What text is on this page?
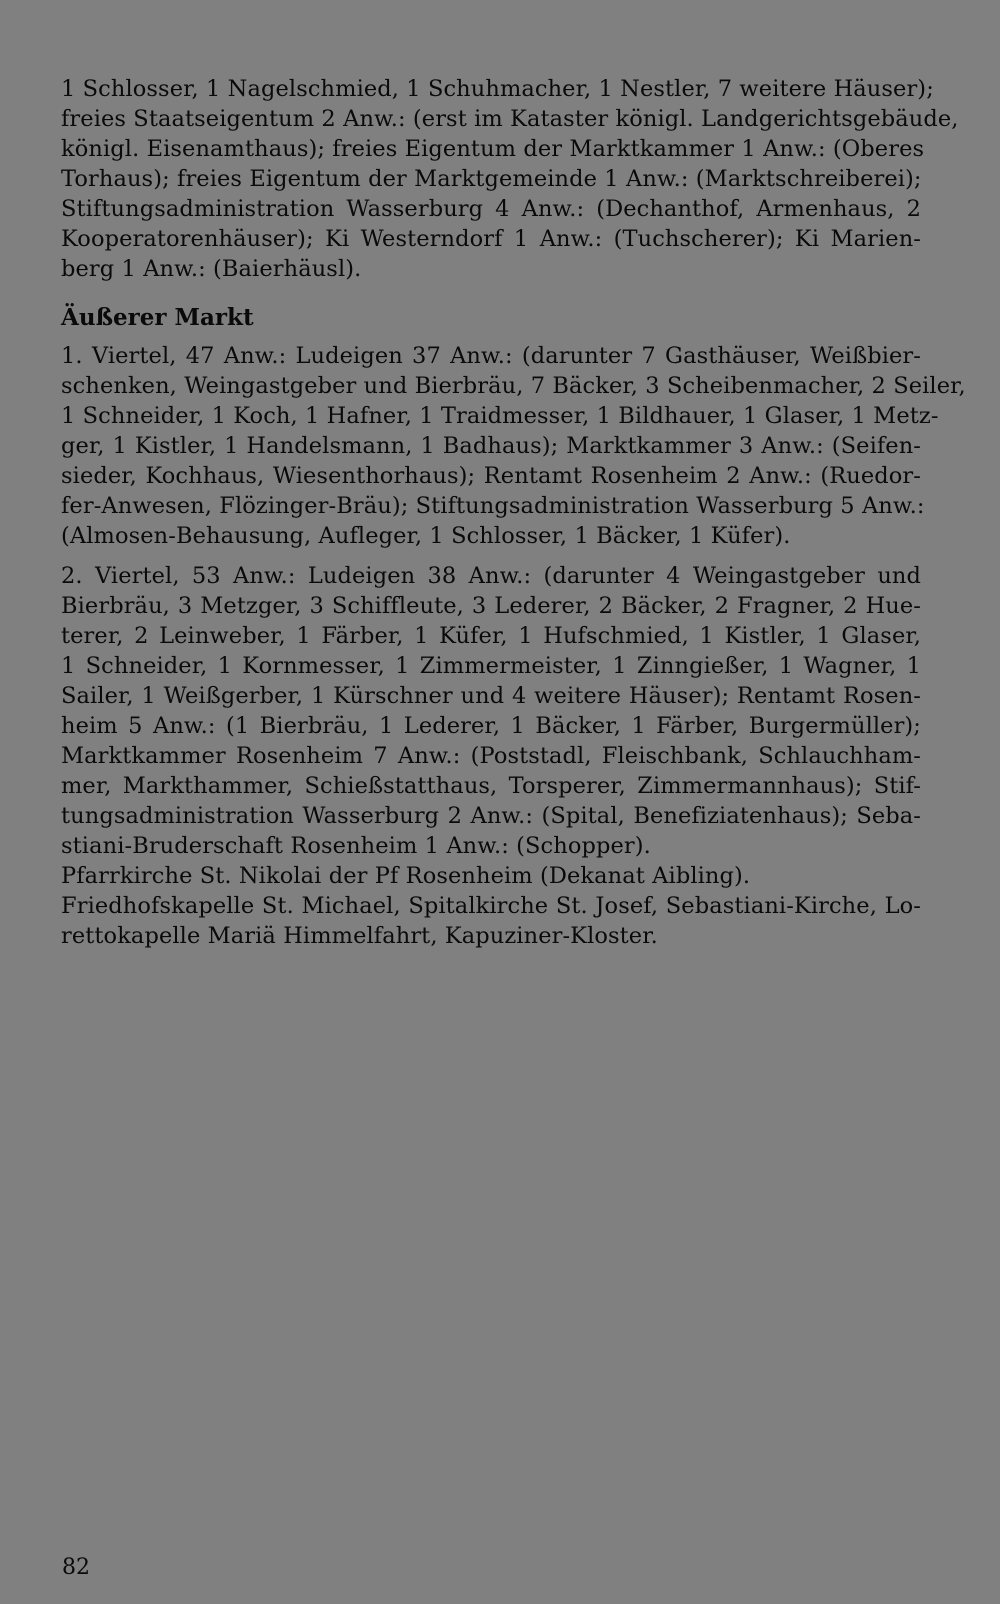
1 Schlosser, 1 Nagelschmied, 1 Schuhmacher, 1 Nestler, 7 weitere Häuser);
freies Staatseigentum 2 Anw.: (erst im Kataster königl. Landgerichtsgebäude,
königl. Eisenamthaus); freies Eigentum der Marktkammer 1 Anw.: (Oberes
Torhaus); freies Eigentum der Marktgemeinde 1 Anw.: (Marktschreiberei);
Stiftungsadministration Wasserburg 4 Anw.: (Dechanthof, Armenhaus, 2
Kooperatorenhäuser); Ki Westerndorf 1 Anw.: (Tuchscherer); Ki Marien-
berg 1 Anw.: (Baierhäusl).
Äußerer Markt
1. Viertel, 47 Anw.: Ludeigen 37 Anw.: (darunter 7 Gasthäuser, Weißbier-
schenken, Weingastgeber und Bierbräu, 7 Bäcker, 3 Scheibenmacher, 2 Seiler,
1 Schneider, 1 Koch, 1 Hafner, 1 Traidmesser, 1 Bildhauer, 1 Glaser, 1 Metz-
ger, 1 Kistler, 1 Handelsmann, 1 Badhaus); Marktkammer 3 Anw.: (Seifen-
sieder, Kochhaus, Wiesenthorhaus); Rentamt Rosenheim 2 Anw.: (Ruedor-
fer-Anwesen, Flözinger-Bräu); Stiftungsadministration Wasserburg 5 Anw.:
(Almosen-Behausung, Aufleger, 1 Schlosser, 1 Bäcker, 1 Küfer).
2. Viertel, 53 Anw.: Ludeigen 38 Anw.: (darunter 4 Weingastgeber und
Bierbräu, 3 Metzger, 3 Schiffleute, 3 Lederer, 2 Bäcker, 2 Fragner, 2 Hue-
terer, 2 Leinweber, 1 Färber, 1 Küfer, 1 Hufschmied, 1 Kistler, 1 Glaser,
1 Schneider, 1 Kornmesser, 1 Zimmermeister, 1 Zinngießer, 1 Wagner, 1
Sailer, 1 Weißgerber, 1 Kürschner und 4 weitere Häuser); Rentamt Rosen-
heim 5 Anw.: (1 Bierbräu, 1 Lederer, 1 Bäcker, 1 Färber, Burgermüller);
Marktkammer Rosenheim 7 Anw.: (Poststadl, Fleischbank, Schlauchham-
mer, Markthammer, Schießstatthaus, Torsperer, Zimmermannhaus); Stif-
tungsadministration Wasserburg 2 Anw.: (Spital, Benefiziatenhaus); Seba-
stiani-Bruderschaft Rosenheim 1 Anw.: (Schopper).
Pfarrkirche St. Nikolai der Pf Rosenheim (Dekanat Aibling).
Friedhofskapelle St. Michael, Spitalkirche St. Josef, Sebastiani-Kirche, Lo-
rettokapelle Mariä Himmelfahrt, Kapuziner-Kloster.
82
